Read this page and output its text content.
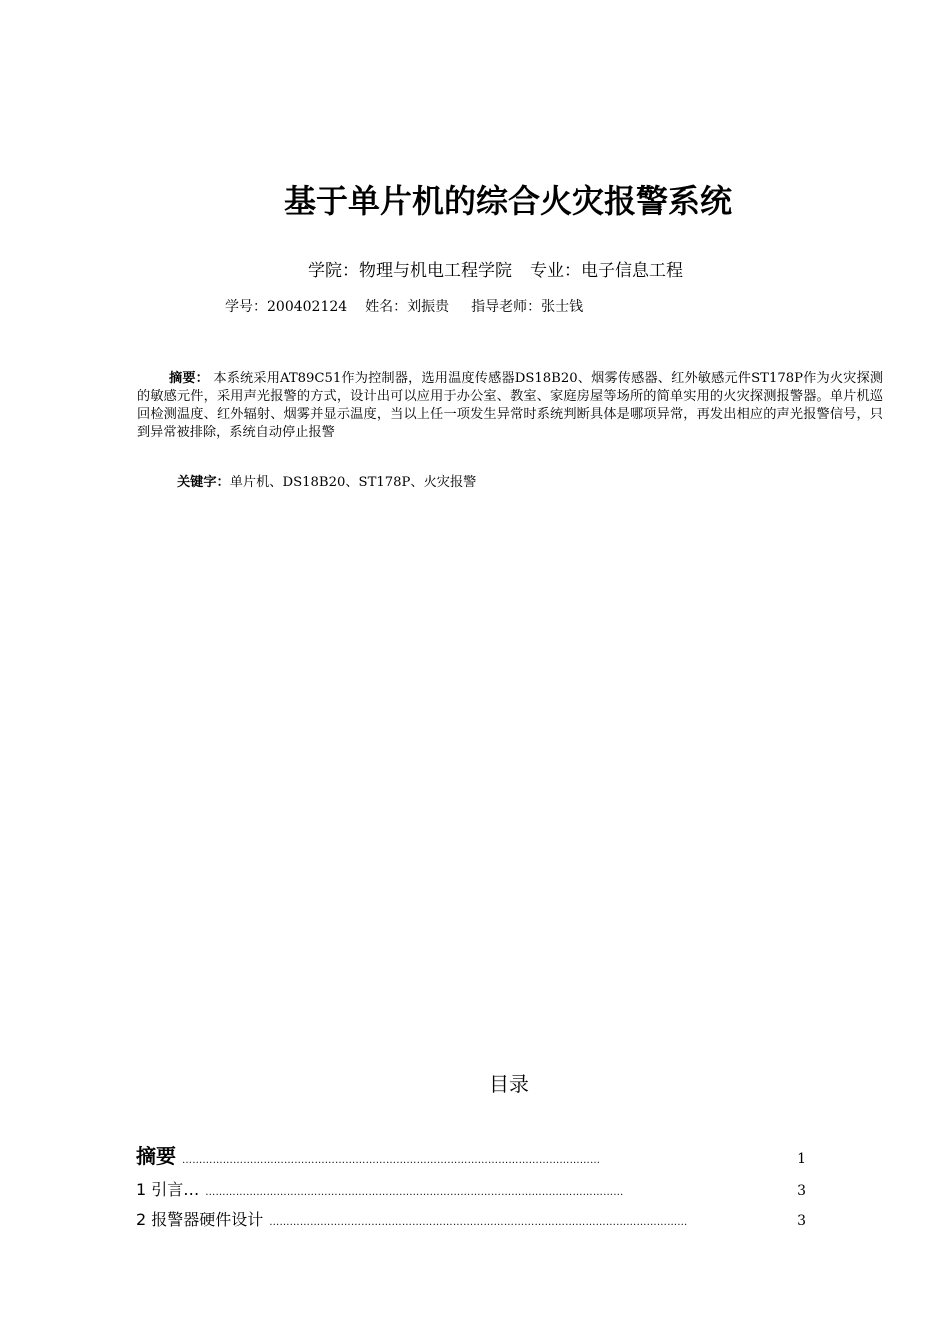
基于单片机的综合火灾报警系统
学院：物理与机电工程学院 专业：电子信息工程
学号：200402124 姓名：刘振贵 指导老师：张士钱
摘要： 本系统采用AT89C51作为控制器，选用温度传感器DS18B20、烟雾传感器、红外敏感元件ST178P作为火灾探测的敏感元件，采用声光报警的方式，设计出可以应用于办公室、教室、家庭房屋等场所的简单实用的火灾探测报警器。单片机巡回检测温度、红外辐射、烟雾并显示温度，当以上任一项发生异常时系统判断具体是哪项异常，再发出相应的声光报警信号，只到异常被排除，系统自动停止报警
关键字：单片机、DS18B20、ST178P、火灾报警
目录
摘要 ……………………………………………………………………………………………………………	1
1 引言… ……………………………………………………………………………………………………………	3
2 报警器硬件设计 ……………………………………………………………………………………………………………	3
